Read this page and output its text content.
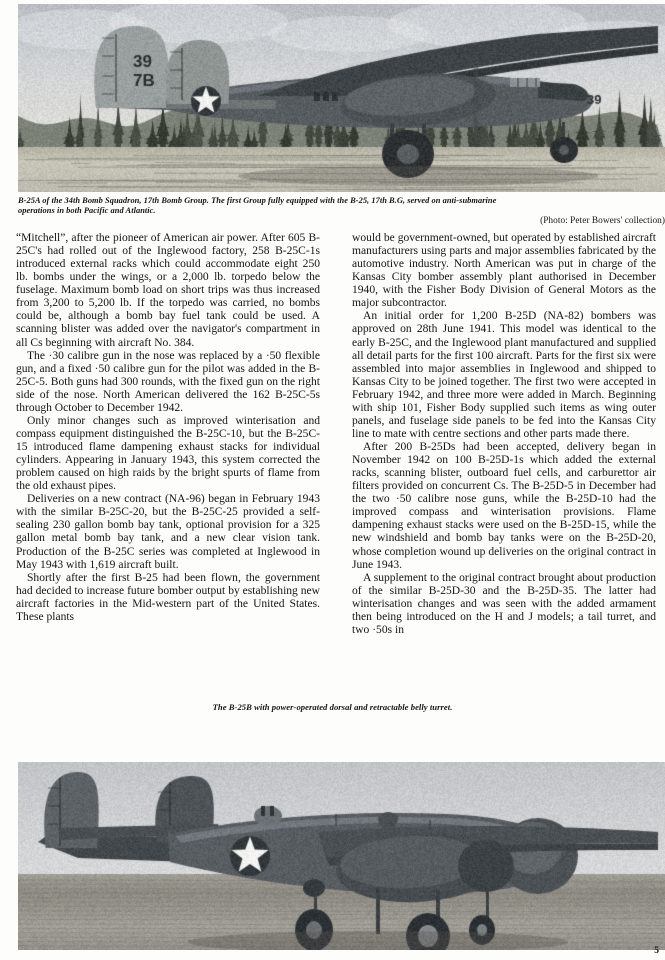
B-25A of the 34th Bomb Squadron, 17th Bomb Group. The first Group fully equipped with the B-25, 17th B.G, served on anti-submarine
operations in both Pacific and Atlantic.
(Photo: Peter Bowers' collection)

“Mitchell”, after the pioneer of American air power. After 605 B-25C's had rolled out of the Inglewood factory, 258 B-25C-1s introduced external racks which could accommodate eight 250 lb. bombs under the wings, or a 2,000 lb. torpedo below the fuselage. Maximum bomb load on short trips was thus increased from 3,200 to 5,200 lb. If the torpedo was carried, no bombs could be, although a bomb bay fuel tank could be used. A scanning blister was added over the navigator's compartment in all Cs beginning with aircraft No. 384.

The ·30 calibre gun in the nose was replaced by a ·50 flexible gun, and a fixed ·50 calibre gun for the pilot was added in the B-25C-5. Both guns had 300 rounds, with the fixed gun on the right side of the nose. North American delivered the 162 B-25C-5s through October to December 1942.

Only minor changes such as improved winterisation and compass equipment distinguished the B-25C-10, but the B-25C-15 introduced flame dampening exhaust stacks for individual cylinders. Appearing in January 1943, this system corrected the problem caused on high raids by the bright spurts of flame from the old exhaust pipes.

Deliveries on a new contract (NA-96) began in February 1943 with the similar B-25C-20, but the B-25C-25 provided a self-sealing 230 gallon bomb bay tank, optional provision for a 325 gallon metal bomb bay tank, and a new clear vision tank. Production of the B-25C series was completed at Inglewood in May 1943 with 1,619 aircraft built.

Shortly after the first B-25 had been flown, the government had decided to increase future bomber output by establishing new aircraft factories in the Mid-western part of the United States. These plants

would be government-owned, but operated by established aircraft manufacturers using parts and major assemblies fabricated by the automotive industry. North American was put in charge of the Kansas City bomber assembly plant authorised in December 1940, with the Fisher Body Division of General Motors as the major subcontractor.

An initial order for 1,200 B-25D (NA-82) bombers was approved on 28th June 1941. This model was identical to the early B-25C, and the Inglewood plant manufactured and supplied all detail parts for the first 100 aircraft. Parts for the first six were assembled into major assemblies in Inglewood and shipped to Kansas City to be joined together. The first two were accepted in February 1942, and three more were added in March. Beginning with ship 101, Fisher Body supplied such items as wing outer panels, and fuselage side panels to be fed into the Kansas City line to mate with centre sections and other parts made there.

After 200 B-25Ds had been accepted, delivery began in November 1942 on 100 B-25D-1s which added the external racks, scanning blister, outboard fuel cells, and carburettor air filters provided on concurrent Cs. The B-25D-5 in December had the two ·50 calibre nose guns, while the B-25D-10 had the improved compass and winterisation provisions. Flame dampening exhaust stacks were used on the B-25D-15, while the new windshield and bomb bay tanks were on the B-25D-20, whose completion wound up deliveries on the original contract in June 1943.

A supplement to the original contract brought about production of the similar B-25D-30 and the B-25D-35. The latter had winterisation changes and was seen with the added armament then being introduced on the H and J models; a tail turret, and two ·50s in

The B-25B with power-operated dorsal and retractable belly turret.
5
